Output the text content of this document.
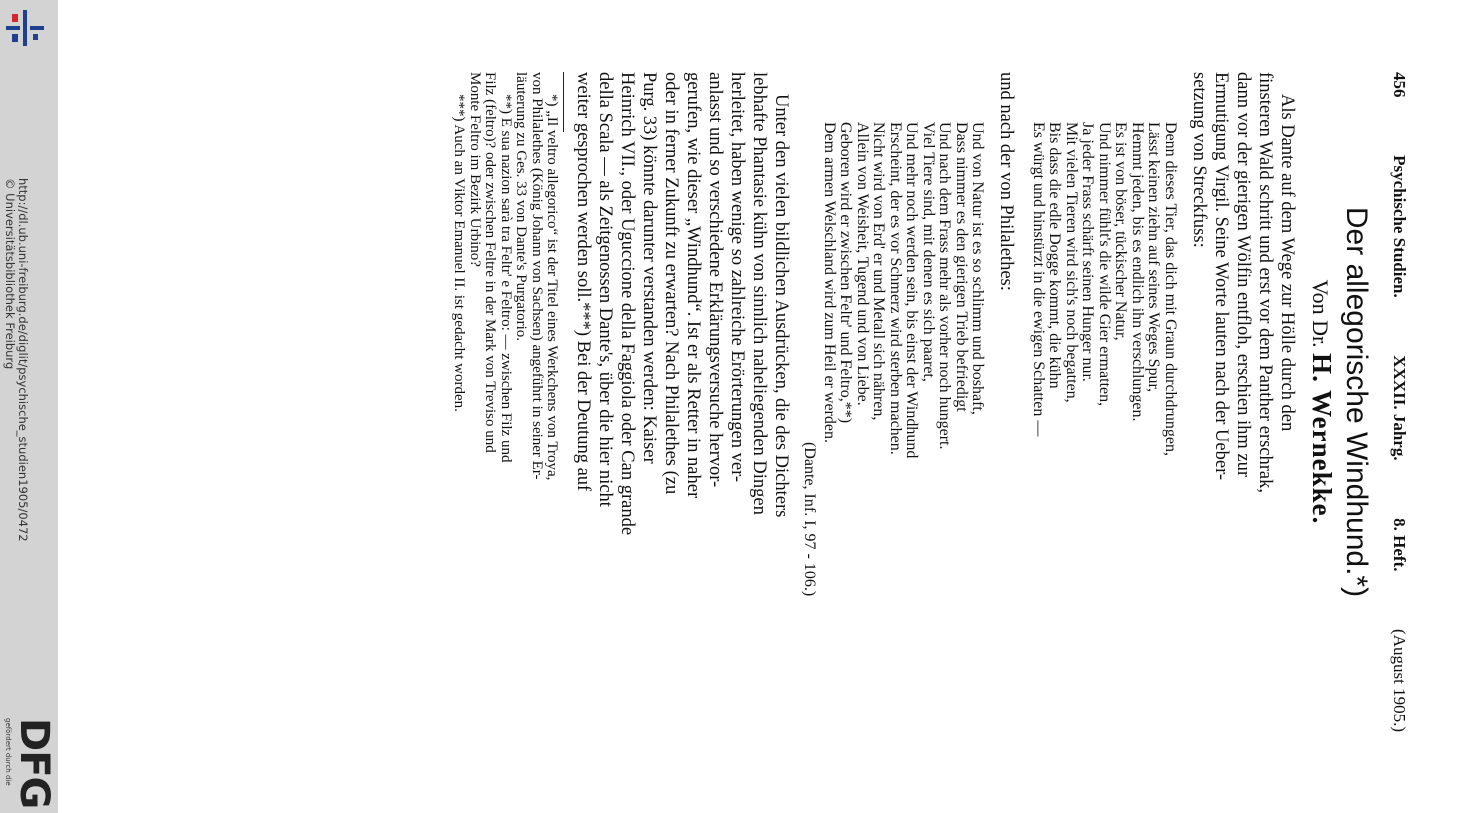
http://dl.ub.uni-freiburg.de/diglit/psychische_studien1905/0472
© Universitätsbibliothek Freiburg
DFG
gefördert durch die
456
Psychische Studien.
XXXII. Jahrg.
8. Heft.
(August 1905.)
Der allegorische Windhund.*)
Von Dr. H. Wernekke.

Als Dante auf dem Wege zur Hölle durch den

finsteren Wald schritt und erst vor dem Panther erschrak,

dann vor der gierigen Wölfin entfloh, erschien ihm zur

Ermutigung Virgil. Seine Worte lauten nach der Ueber-

setzung von Streckfuss:

Denn dieses Tier, das dich mit Graun durchdrungen,

Lässt keinen ziehn auf seines Weges Spur,

Hemmt jeden, bis es endlich ihn verschlungen.

Es ist von böser, tückischer Natur,

Und nimmer fühlt's die wilde Gier ermatten,

Ja jeder Frass schärft seinen Hunger nur.

Mit vielen Tieren wird sich's noch begatten,

Bis dass die edle Dogge kommt, die kühn

Es würgt und hinstürzt in die ewigen Schatten —

und nach der von Philalethes:

Und von Natur ist es so schlimm und boshaft,

Dass nimmer es den gierigen Trieb befriedigt

Und nach dem Frass mehr als vorher noch hungert.

Viel Tiere sind, mit denen es sich paaret,

Und mehr noch werden sein, bis einst der Windhund

Erscheint, der es vor Schmerz wird sterben machen.

Nicht wird von Erd' er und Metall sich nähren,

Allein von Weisheit, Tugend und von Liebe.

Geboren wird er zwischen Feltr' und Feltro,**)

Dem armen Welschland wird zum Heil er werden.

(Dante, Inf. I, 97 - 106.)

Unter den vielen bildlichen Ausdrücken, die des Dichters

lebhafte Phantasie kühn von sinnlich naheliegenden Dingen

herleitet, haben wenige so zahlreiche Erörterungen ver-

anlasst und so verschiedene Erklärungsversuche hervor-

gerufen, wie dieser „Windhund“. Ist er als Retter in naher

oder in ferner Zukunft zu erwarten? Nach Philalethes (zu

Purg. 33) könnte darunter verstanden werden: Kaiser

Heinrich VII., oder Uguccione della Faggiola oder Can grande

della Scala — als Zeitgenossen Dante's, über die hier nicht

weiter gesprochen werden soll.***) Bei der Deutung auf

*) „Il veltro allegorico“ ist der Titel eines Werkchens von Troya,

von Philalethes (König Johann von Sachsen) angeführt in seiner Er-

läuterung zu Ges. 33 von Dante's Purgatorio.

**) E sua nazion sarà tra Feltr' e Feltro: — zwischen Filz und

Filz (feltro)? oder zwischen Feltre in der Mark von Treviso und

Monte Feltro im Bezirk Urbino?

***) Auch an Viktor Emanuel II. ist gedacht worden.
